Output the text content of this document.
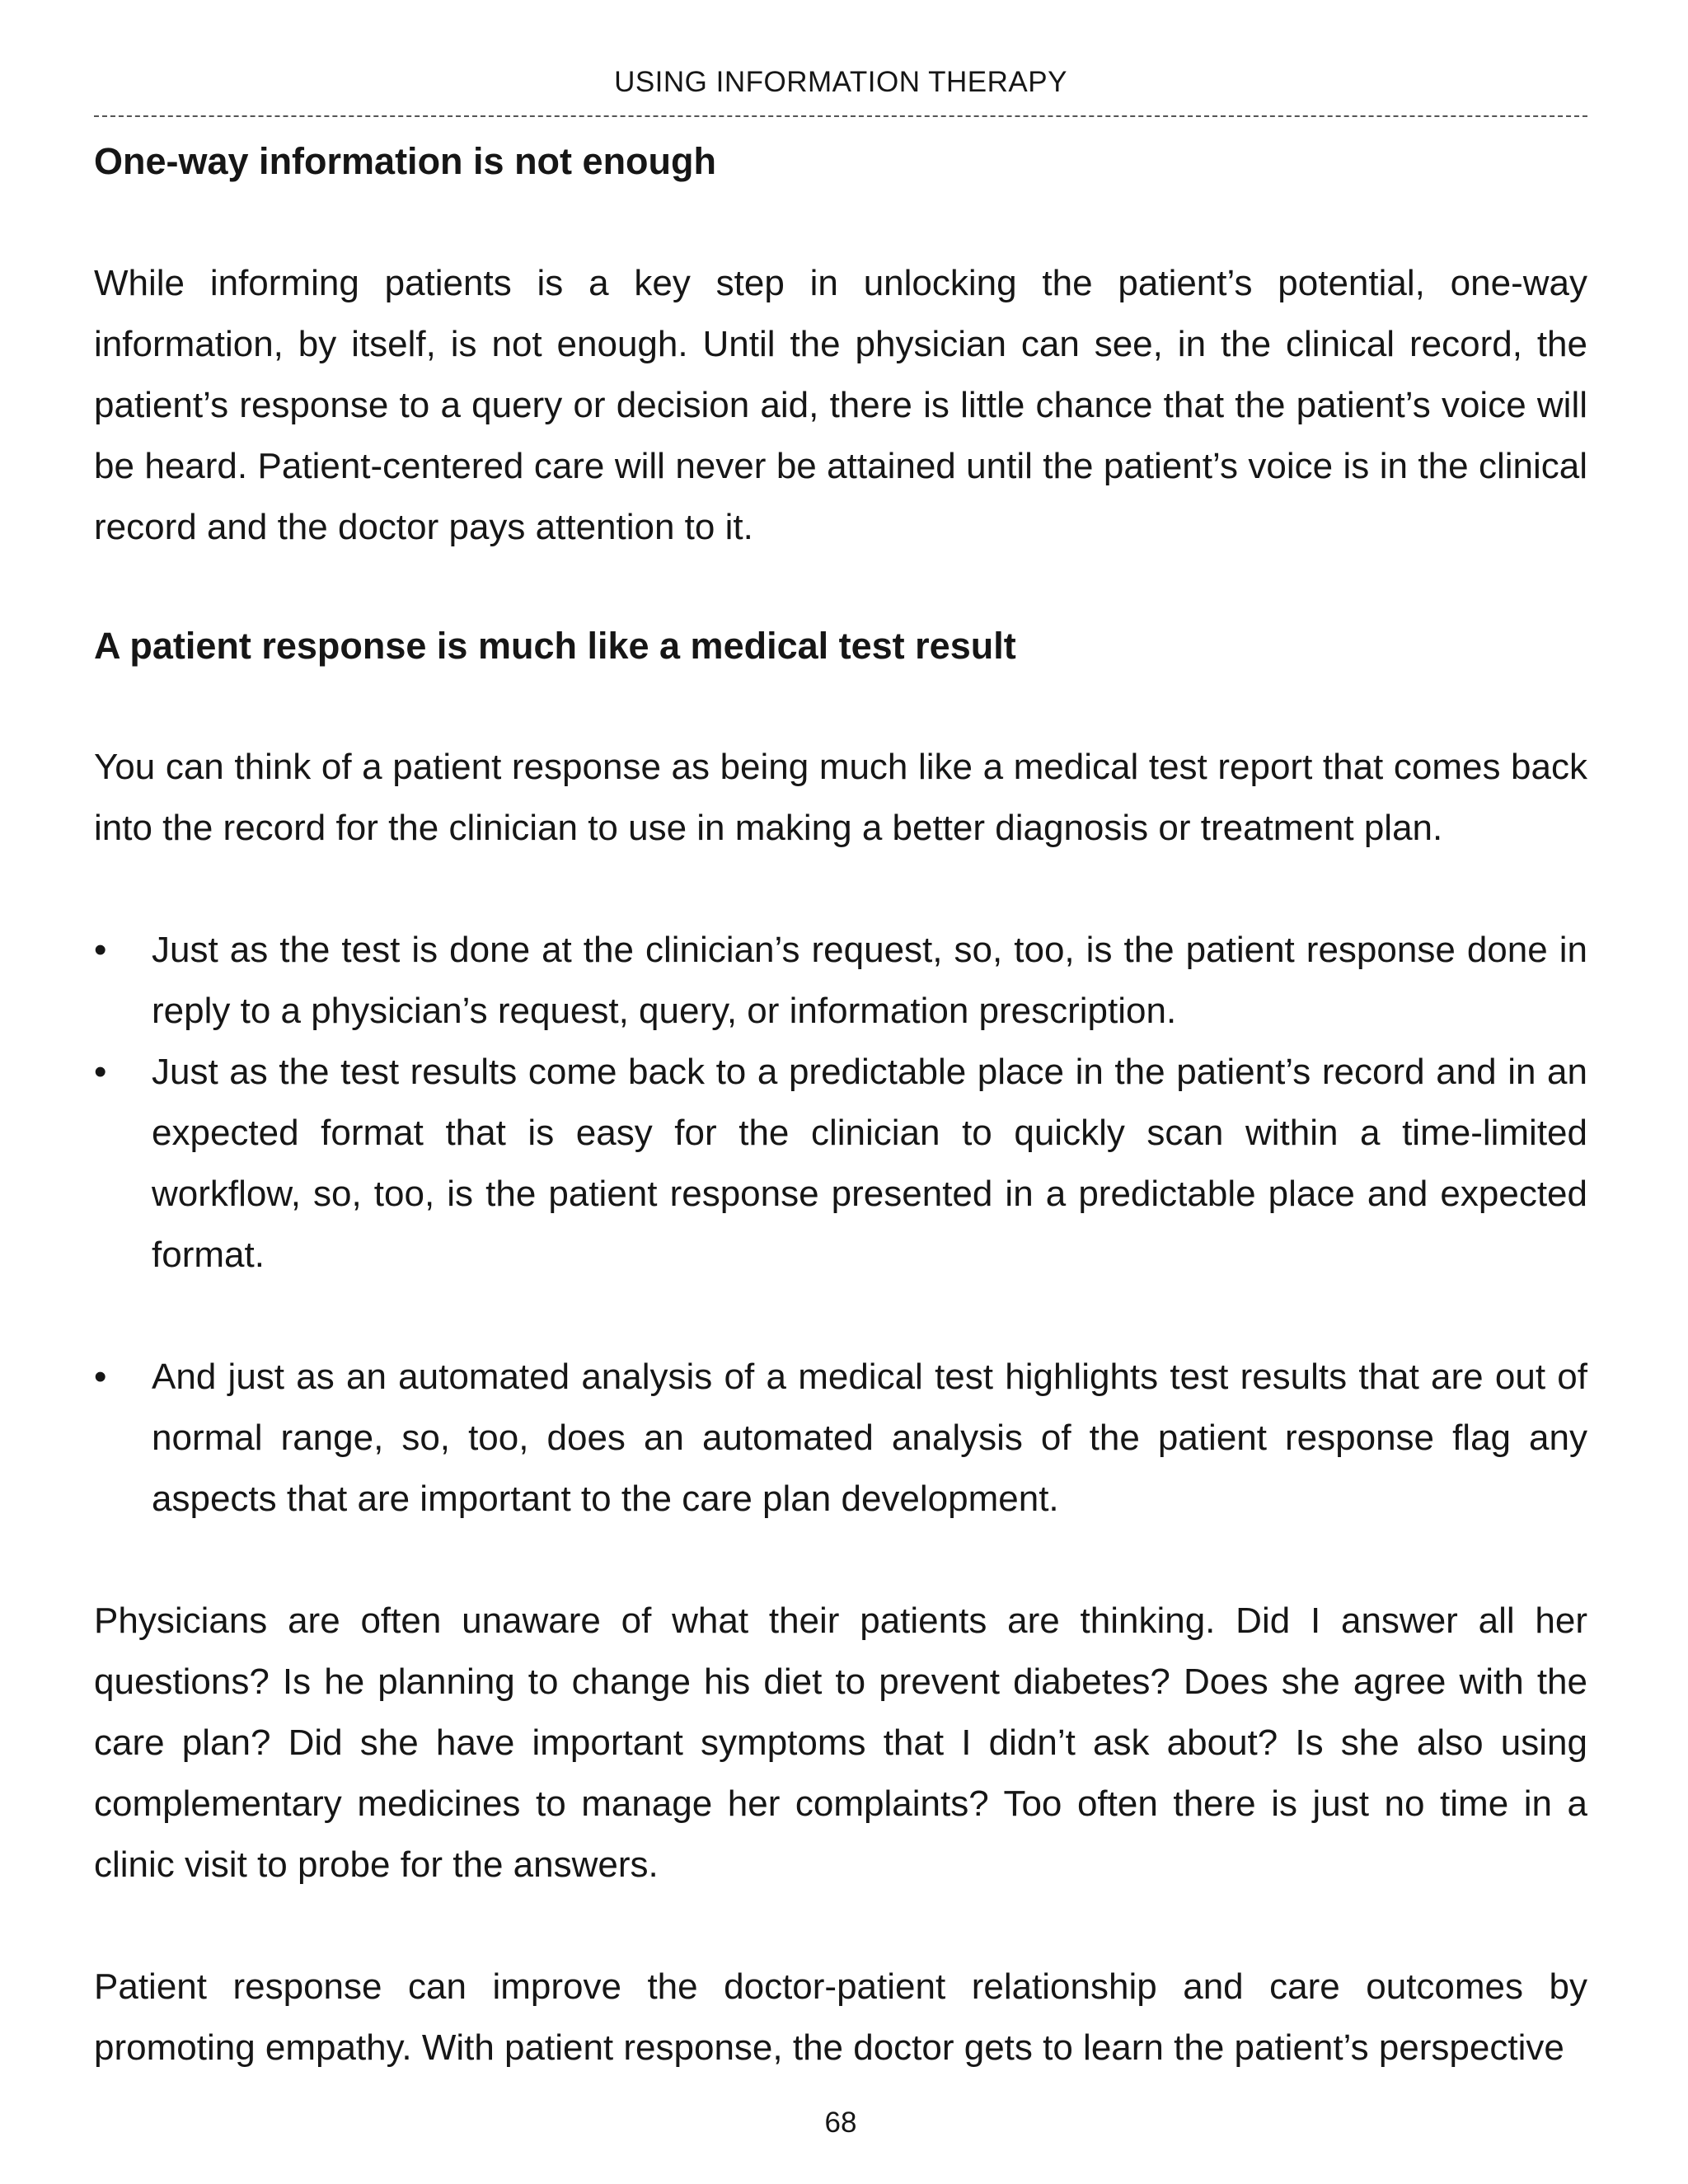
USING INFORMATION THERAPY
One-way information is not enough

While informing patients is a key step in unlocking the patient’s potential, one-way information, by itself, is not enough. Until the physician can see, in the clinical record, the patient’s response to a query or decision aid, there is little chance that the patient’s voice will be heard. Patient-centered care will never be attained until the patient’s voice is in the clinical record and the doctor pays attention to it.

A patient response is much like a medical test result

You can think of a patient response as being much like a medical test report that comes back into the record for the clinician to use in making a better diagnosis or treatment plan.

•	Just as the test is done at the clinician’s request, so, too, is the patient response done in reply to a physician’s request, query, or information prescription.
•	Just as the test results come back to a predictable place in the patient’s record and in an expected format that is easy for the clinician to quickly scan within a time-limited workflow, so, too, is the patient response presented in a predictable place and expected format.
•	And just as an automated analysis of a medical test highlights test results that are out of normal range, so, too, does an automated analysis of the patient response flag any aspects that are important to the care plan development.

Physicians are often unaware of what their patients are thinking. Did I answer all her questions? Is he planning to change his diet to prevent diabetes? Does she agree with the care plan? Did she have important symptoms that I didn’t ask about? Is she also using complementary medicines to manage her complaints? Too often there is just no time in a clinic visit to probe for the answers.

Patient response can improve the doctor-patient relationship and care outcomes by promoting empathy. With patient response, the doctor gets to learn the patient’s perspective

68
